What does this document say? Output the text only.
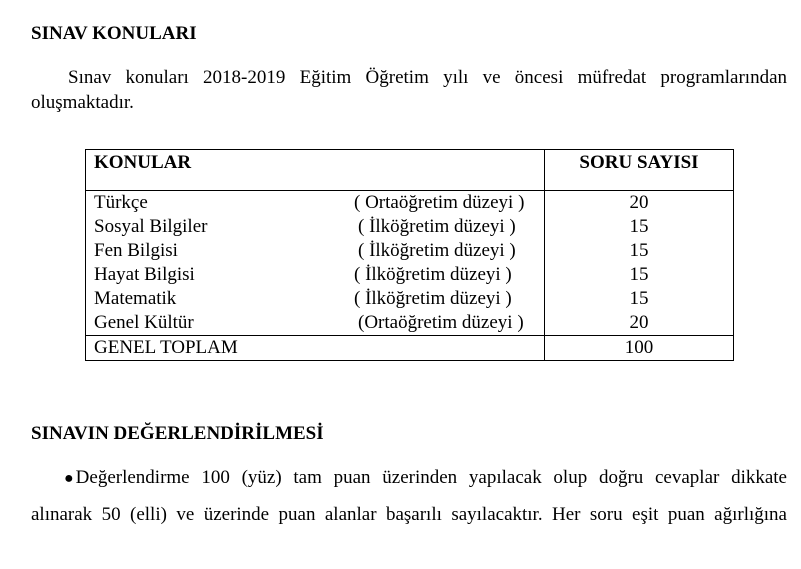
SINAV KONULARI
Sınav konuları 2018-2019 Eğitim Öğretim yılı ve öncesi müfredat programlarından
oluşmaktadır.
KONULAR	SORU SAYISI

Türkçe ( Ortaöğretim düzeyi )	20

Sosyal Bilgiler ( İlköğretim düzeyi )	15

Fen Bilgisi ( İlköğretim düzeyi )	15

Hayat Bilgisi ( İlköğretim düzeyi )	15

Matematik ( İlköğretim düzeyi )	15

Genel Kültür (Ortaöğretim düzeyi )	20

GENEL TOPLAM	100
SINAVIN DEĞERLENDİRİLMESİ
● Değerlendirme 100 (yüz) tam puan üzerinden yapılacak olup doğru cevaplar dikkate
alınarak 50 (elli) ve üzerinde puan alanlar başarılı sayılacaktır. Her soru eşit puan ağırlığına
